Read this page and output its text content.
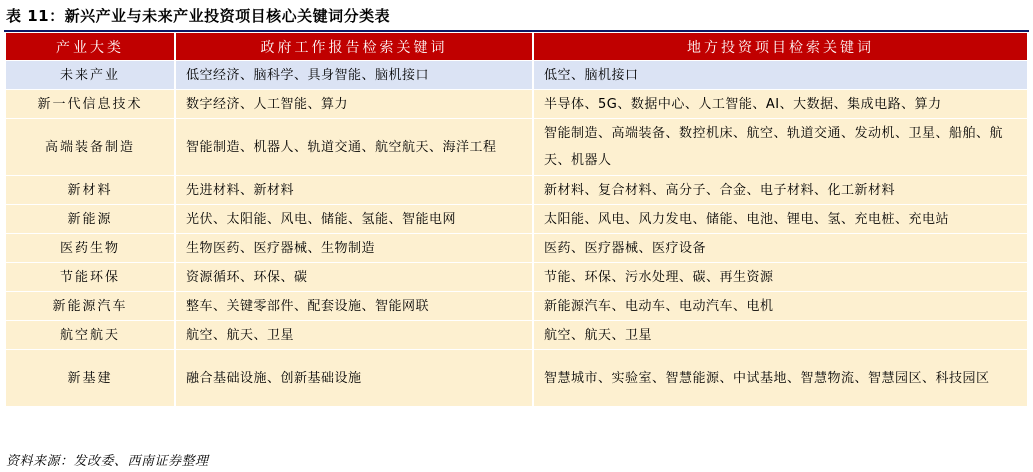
表 11：新兴产业与未来产业投资项目核心关键词分类表
产业大类	政府工作报告检索关键词	地方投资项目检索关键词
未来产业	低空经济、脑科学、具身智能、脑机接口	低空、脑机接口
新一代信息技术	数字经济、人工智能、算力	半导体、5G、数据中心、人工智能、AI、大数据、集成电路、算力
高端装备制造	智能制造、机器人、轨道交通、航空航天、海洋工程	智能制造、高端装备、数控机床、航空、轨道交通、发动机、卫星、船舶、航天、机器人
新材料	先进材料、新材料	新材料、复合材料、高分子、合金、电子材料、化工新材料
新能源	光伏、太阳能、风电、储能、氢能、智能电网	太阳能、风电、风力发电、储能、电池、锂电、氢、充电桩、充电站
医药生物	生物医药、医疗器械、生物制造	医药、医疗器械、医疗设备
节能环保	资源循环、环保、碳	节能、环保、污水处理、碳、再生资源
新能源汽车	整车、关键零部件、配套设施、智能网联	新能源汽车、电动车、电动汽车、电机
航空航天	航空、航天、卫星	航空、航天、卫星
新基建	融合基础设施、创新基础设施	智慧城市、实验室、智慧能源、中试基地、智慧物流、智慧园区、科技园区
资料来源：发改委、西南证券整理
